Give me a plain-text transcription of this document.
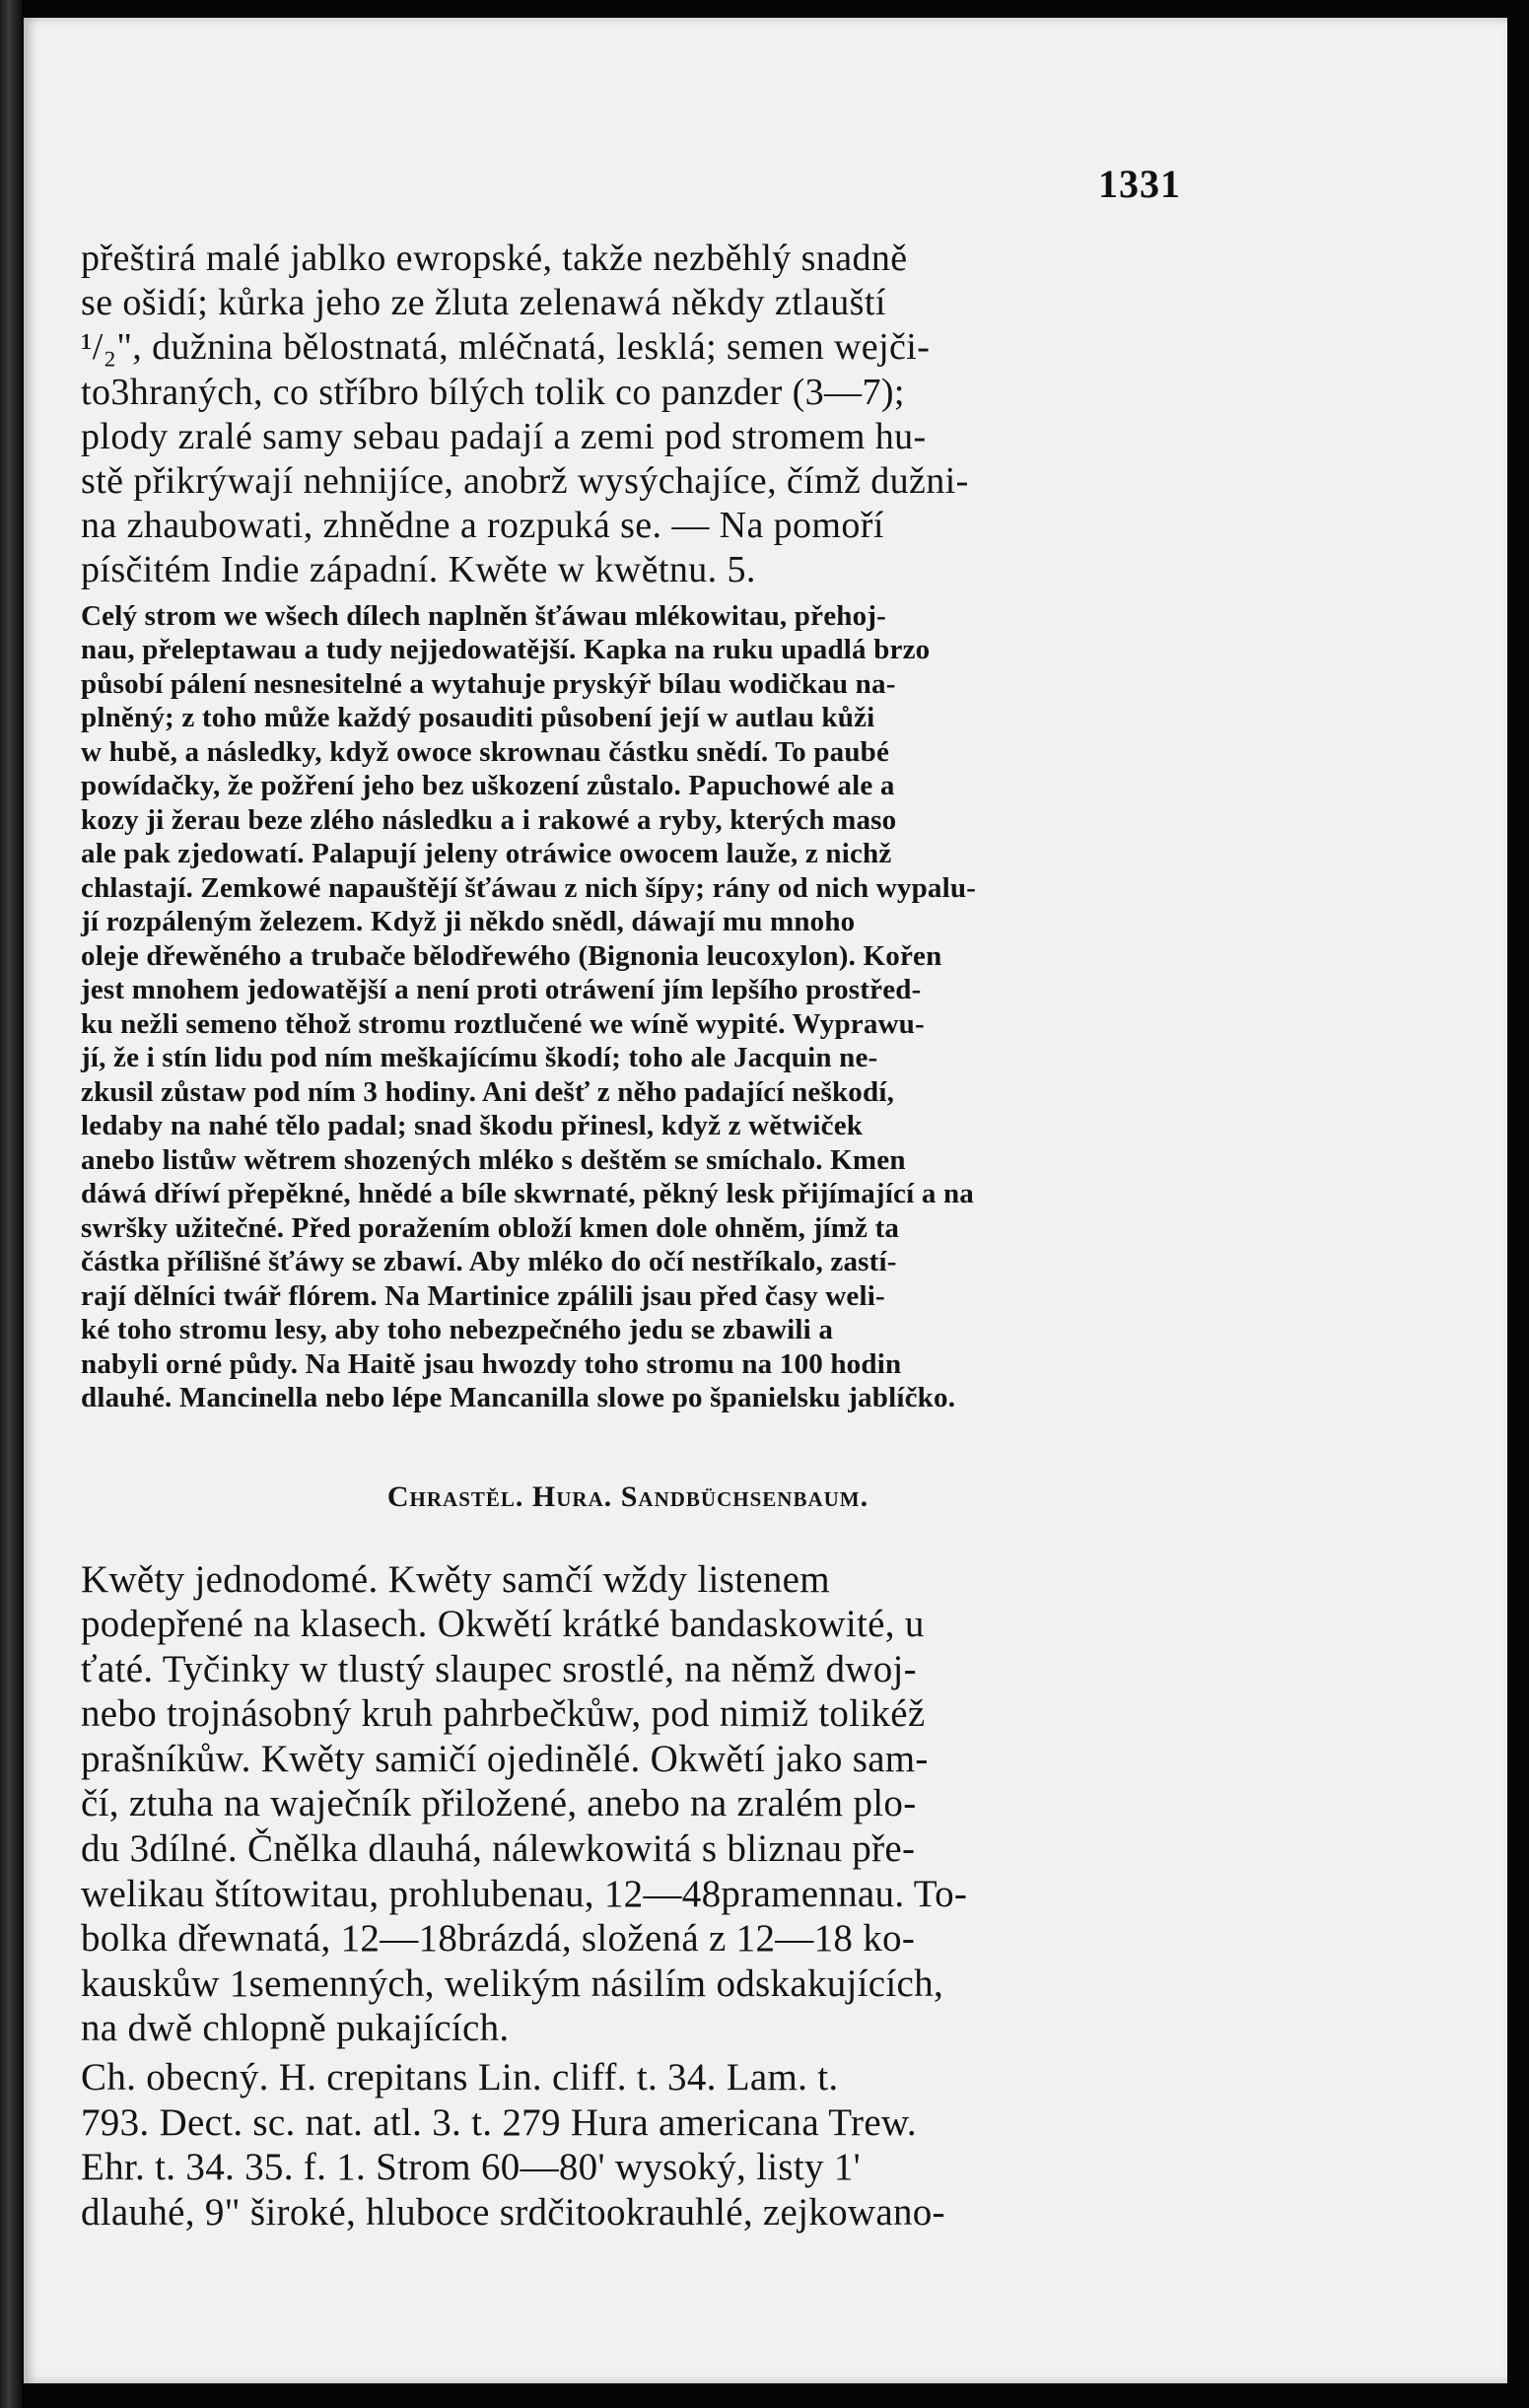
1331
přeštirá malé jablko ewropské, takže nezběhlý snadně
se ošidí; kůrka jeho ze žluta zelenawá někdy ztlauští
¹/₂", dužnina bělostnatá, mléčnatá, lesklá; semen wejči-
to3hraných, co stříbro bílých tolik co panzder (3—7);
plody zralé samy sebau padají a zemi pod stromem hu-
stě přikrýwají nehnijíce, anobrž wysýchajíce, čímž dužni-
na zhaubowati, zhnědne a rozpuká se. — Na pomoří
písčitém Indie západní. Kwěte w kwětnu. 5.
Celý strom we wšech dílech naplněn šťáwau mlékowitau, přehoj-
nau, přeleptawau a tudy nejjedowatější. Kapka na ruku upadlá brzo
působí pálení nesnesitelné a wytahuje pryskýř bílau wodičkau na-
plněný; z toho může každý posauditi působení její w autlau kůži
w hubě, a následky, když owoce skrownau částku snědí. To paubé
powídačky, že požření jeho bez uškození zůstalo. Papuchowé ale a
kozy ji žerau beze zlého následku a i rakowé a ryby, kterých maso
ale pak zjedowatí. Palapují jeleny otráwice owocem lauže, z nichž
chlastají. Zemkowé napauštějí šťáwau z nich šípy; rány od nich wypalu-
jí rozpáleným železem. Když ji někdo snědl, dáwají mu mnoho
oleje dřewěného a trubače bělodřewého (Bignonia leucoxylon). Kořen
jest mnohem jedowatější a není proti otráwení jím lepšího prostřed-
ku nežli semeno těhož stromu roztlučené we wíně wypité. Wyprawu-
jí, že i stín lidu pod ním meškajícímu škodí; toho ale Jacquin ne-
zkusil zůstaw pod ním 3 hodiny. Ani dešť z něho padající neškodí,
ledaby na nahé tělo padal; snad škodu přinesl, když z wětwiček
anebo listůw wětrem shozených mléko s deštěm se smíchalo. Kmen
dáwá dříwí přepěkné, hnědé a bíle skwrnaté, pěkný lesk přijímající a na
swršky užitečné. Před poražením obloží kmen dole ohněm, jímž ta
částka přílišné šťáwy se zbawí. Aby mléko do očí nestříkalo, zastí-
rají dělníci twář flórem. Na Martinice zpálili jsau před časy weli-
ké toho stromu lesy, aby toho nebezpečného jedu se zbawili a
nabyli orné půdy. Na Haitě jsau hwozdy toho stromu na 100 hodin
dlauhé. Mancinella nebo lépe Mancanilla slowe po španielsku jablíčko.
Chrastěl. Hura. Sandbüchsenbaum.
Kwěty jednodomé. Kwěty samčí wždy listenem
podepřené na klasech. Okwětí krátké bandaskowité, u
ťaté. Tyčinky w tlustý slaupec srostlé, na němž dwoj-
nebo trojnásobný kruh pahrbečkůw, pod nimiž tolikéž
prašníkůw. Kwěty samičí ojedinělé. Okwětí jako sam-
čí, ztuha na waječník přiložené, anebo na zralém plo-
du 3dílné. Čnělka dlauhá, nálewkowitá s bliznau pře-
welikau štítowitau, prohlubenau, 12—48pramennau. To-
bolka dřewnatá, 12—18brázdá, složená z 12—18 ko-
kauskůw 1semenných, welikým násilím odskakujících,
na dwě chlopně pukajících.
Ch. obecný. H. crepitans Lin. cliff. t. 34. Lam. t.
793. Dect. sc. nat. atl. 3. t. 279 Hura americana Trew.
Ehr. t. 34. 35. f. 1. Strom 60—80' wysoký, listy 1'
dlauhé, 9" široké, hluboce srdčitookrauhlé, zejkowano-
